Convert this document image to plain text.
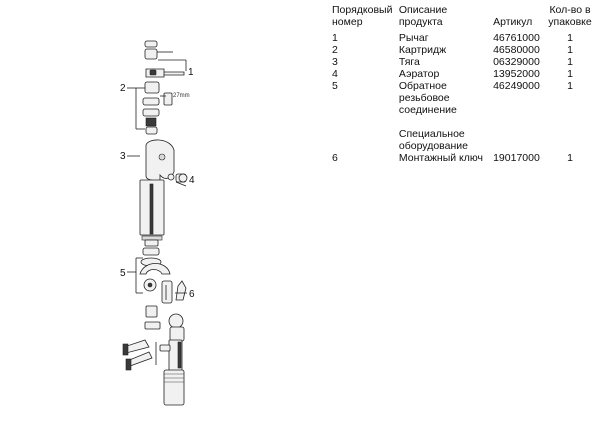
27mm
1
2
3
4
5
6
Порядковый номер	Описание продукта	Артикул	Кол-во в упаковке
1	Рычаг	46761000	1
2	Картридж	46580000	1
3	Тяга	06329000	1
4	Аэратор	13952000	1
5	Обратное резьбовое соединение	46249000	1

	Специальное оборудование		
6	Монтажный ключ	19017000	1
